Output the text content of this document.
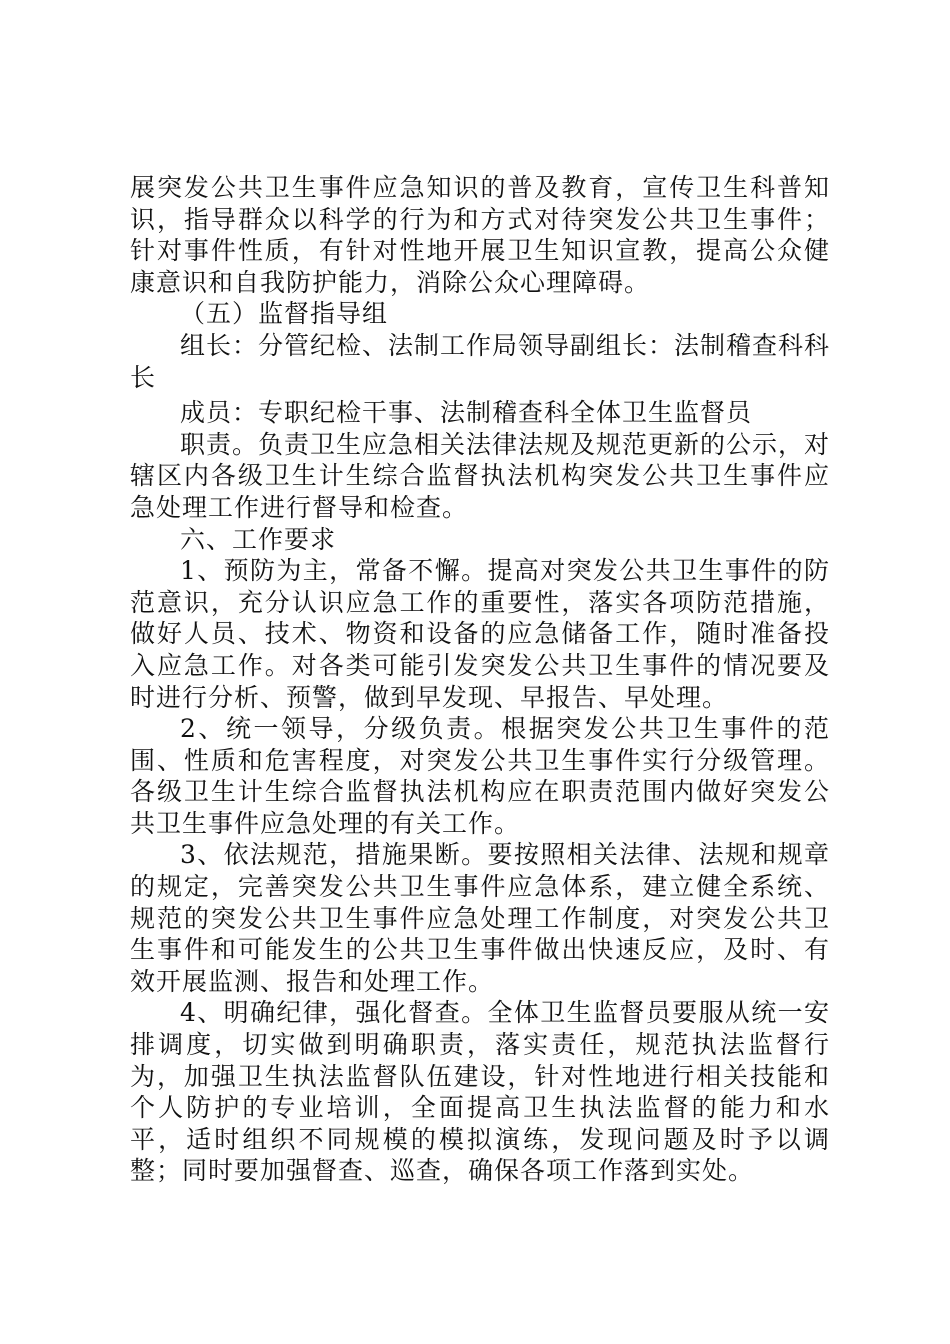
展突发公共卫生事件应急知识的普及教育，宣传卫生科普知识，指导群众以科学的行为和方式对待突发公共卫生事件；针对事件性质，有针对性地开展卫生知识宣教，提高公众健康意识和自我防护能力，消除公众心理障碍。

（五）监督指导组

组长：分管纪检、法制工作局领导副组长：法制稽查科科长

成员：专职纪检干事、法制稽查科全体卫生监督员

职责。负责卫生应急相关法律法规及规范更新的公示，对辖区内各级卫生计生综合监督执法机构突发公共卫生事件应急处理工作进行督导和检查。

六、工作要求

1、预防为主，常备不懈。提高对突发公共卫生事件的防范意识，充分认识应急工作的重要性，落实各项防范措施，做好人员、技术、物资和设备的应急储备工作，随时准备投入应急工作。对各类可能引发突发公共卫生事件的情况要及时进行分析、预警，做到早发现、早报告、早处理。

2、统一领导，分级负责。根据突发公共卫生事件的范围、性质和危害程度，对突发公共卫生事件实行分级管理。各级卫生计生综合监督执法机构应在职责范围内做好突发公共卫生事件应急处理的有关工作。

3、依法规范，措施果断。要按照相关法律、法规和规章的规定，完善突发公共卫生事件应急体系，建立健全系统、规范的突发公共卫生事件应急处理工作制度，对突发公共卫生事件和可能发生的公共卫生事件做出快速反应，及时、有效开展监测、报告和处理工作。

4、明确纪律，强化督查。全体卫生监督员要服从统一安排调度，切实做到明确职责，落实责任，规范执法监督行为，加强卫生执法监督队伍建设，针对性地进行相关技能和个人防护的专业培训，全面提高卫生执法监督的能力和水平，适时组织不同规模的模拟演练，发现问题及时予以调整；同时要加强督查、巡查，确保各项工作落到实处。
